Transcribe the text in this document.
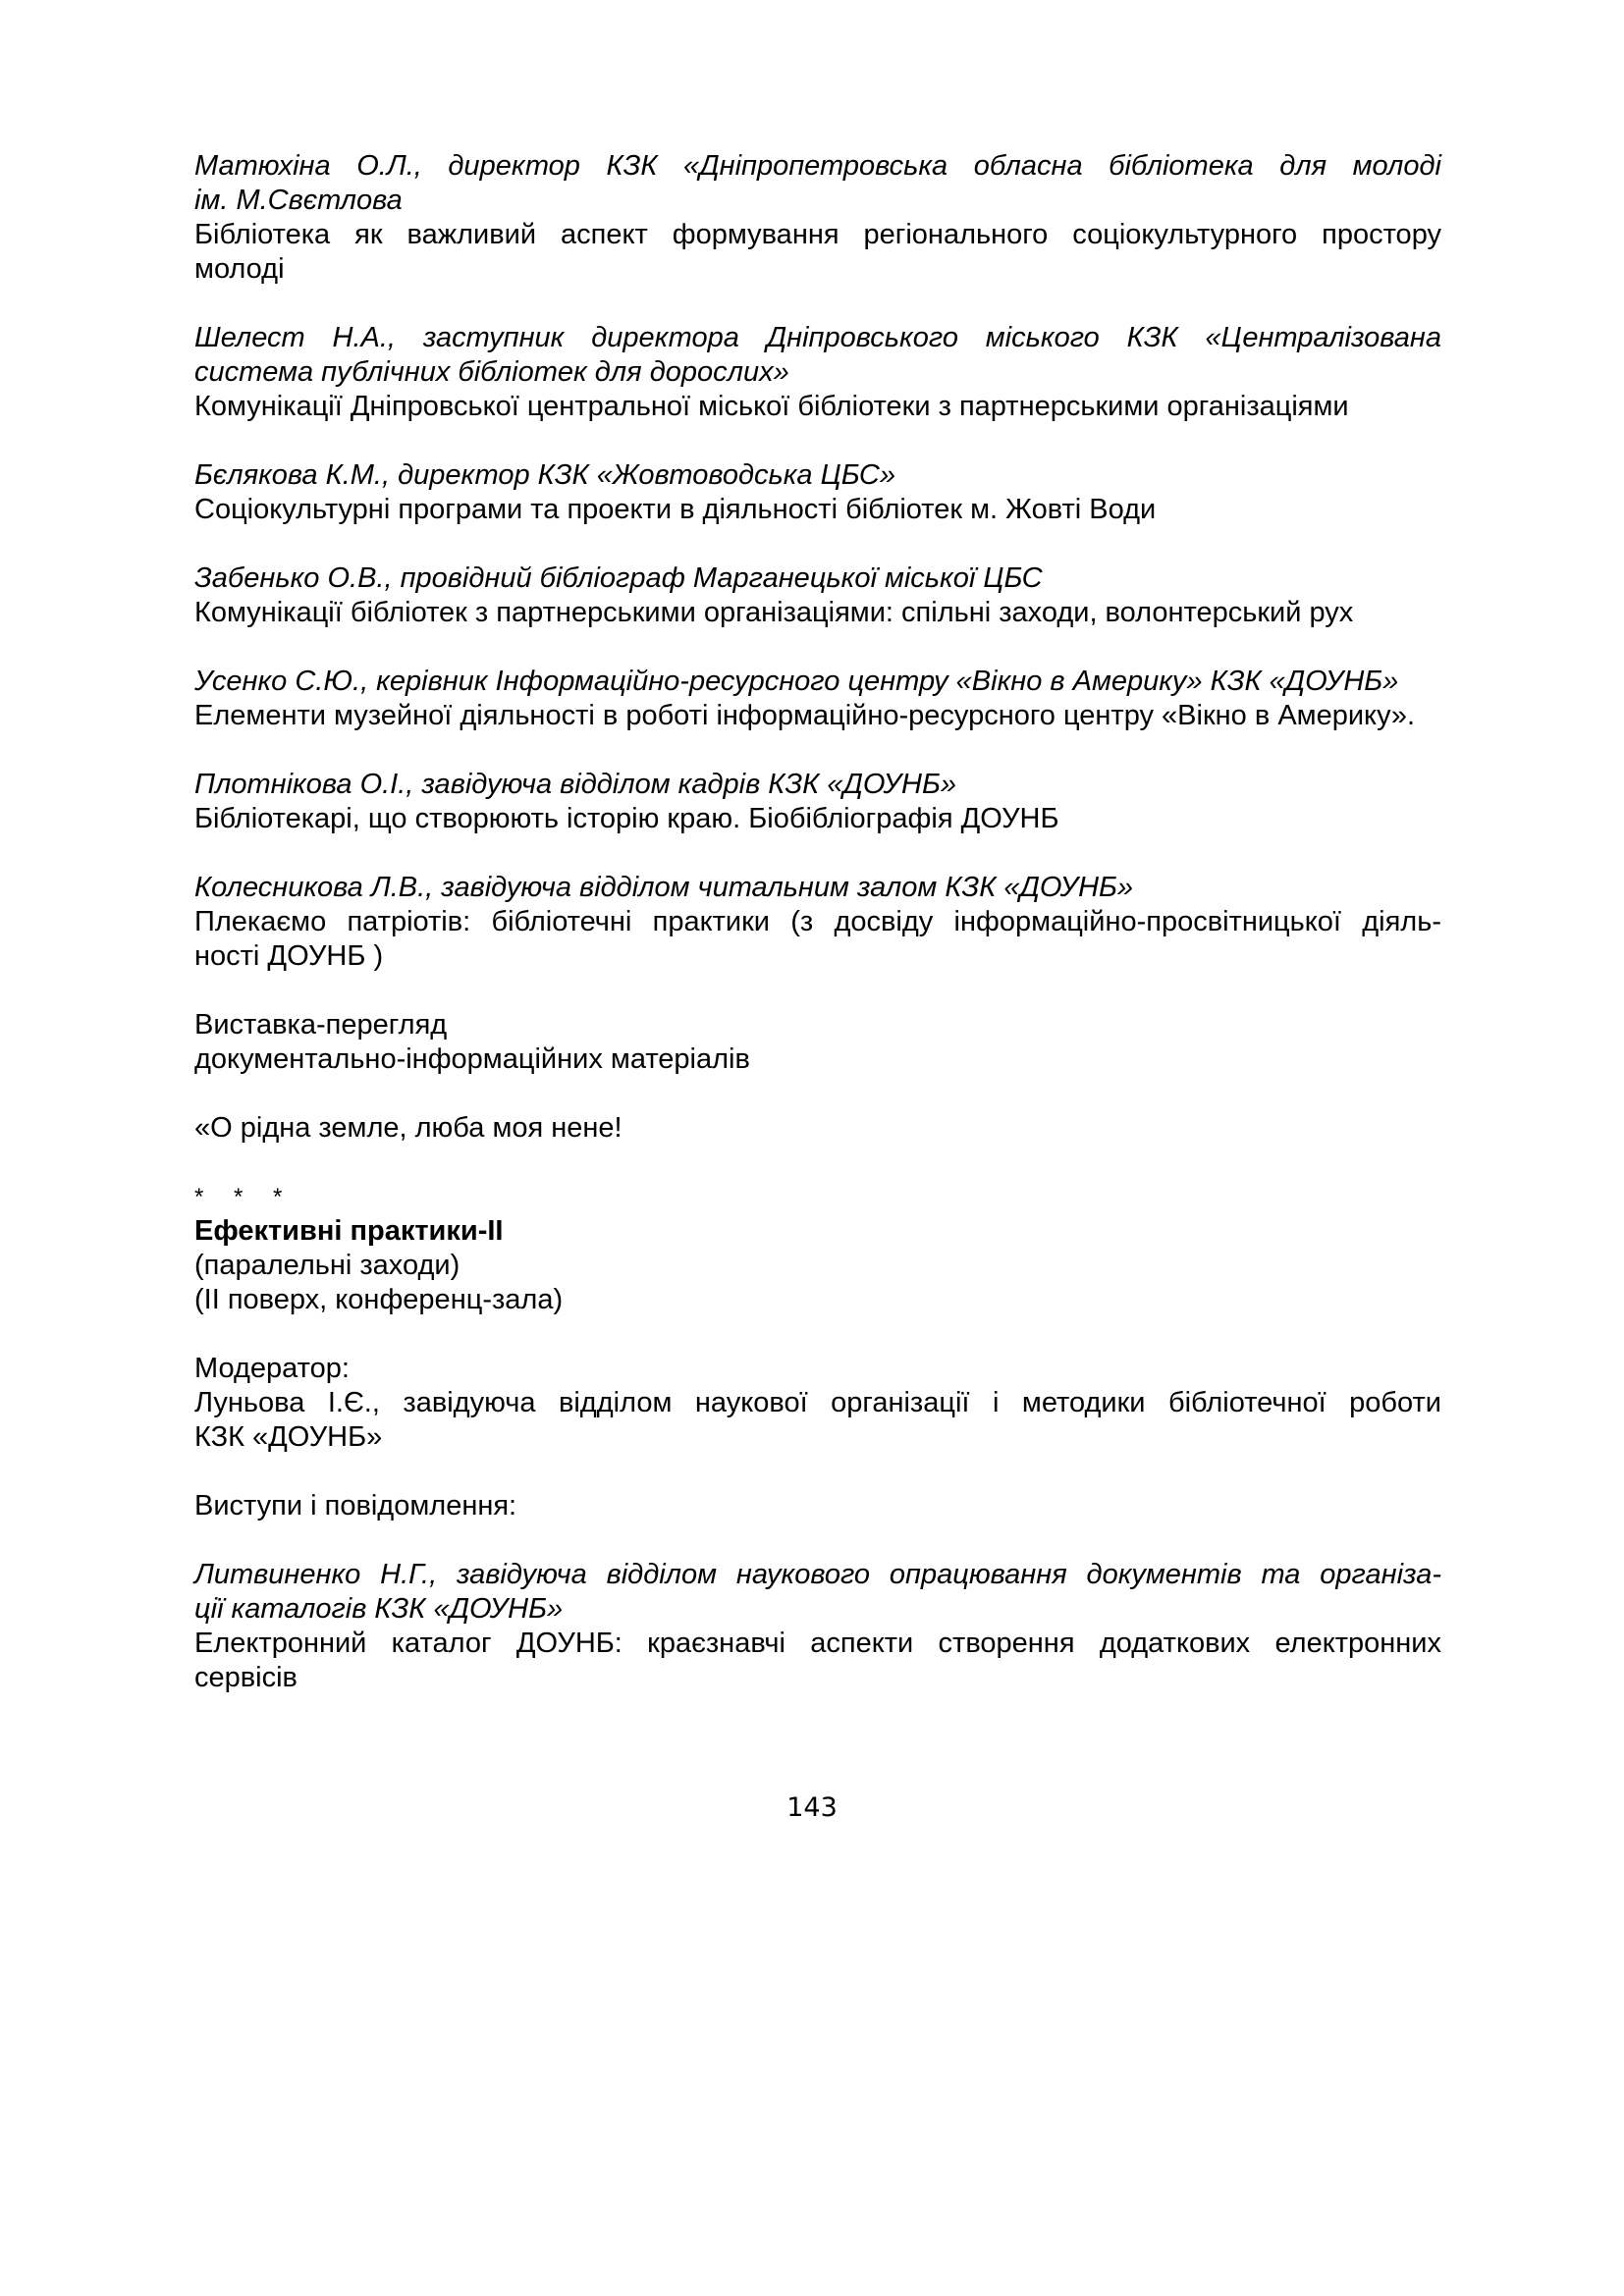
Матюхіна О.Л., директор КЗК «Дніпропетровська обласна бібліотека для молоді
ім. М.Свєтлова
Бібліотека як важливий аспект формування регіонального соціокультурного простору
молоді
Шелест Н.А., заступник директора Дніпровського міського КЗК «Централізована
система публічних бібліотек для дорослих»
Комунікації Дніпровської центральної міської бібліотеки з партнерськими організаціями
Бєлякова К.М., директор КЗК «Жовтоводська ЦБС»
Соціокультурні програми та проекти в діяльності бібліотек м. Жовті Води
Забенько О.В., провідний бібліограф Марганецької міської ЦБС
Комунікації бібліотек з партнерськими організаціями: спільні заходи, волонтерський рух
Усенко С.Ю., керівник Інформаційно-ресурсного центру «Вікно в Америку» КЗК «ДОУНБ»
Елементи музейної діяльності в роботі інформаційно-ресурсного центру «Вікно в Америку».
Плотнікова О.І., завідуюча відділом кадрів КЗК «ДОУНБ»
Бібліотекарі, що створюють історію краю. Біобібліографія ДОУНБ
Колесникова Л.В., завідуюча відділом читальним залом КЗК «ДОУНБ»
Плекаємо патріотів: бібліотечні практики (з досвіду інформаційно-просвітницької діяль-
ності ДОУНБ )
Виставка-перегляд
документально-інформаційних матеріалів
«О рідна земле, люба моя нене!
* * *
Ефективні практики-II
(паралельні заходи)
(II поверх, конференц-зала)
Модератор:
Луньова І.Є., завідуюча відділом наукової організації і методики бібліотечної роботи
КЗК «ДОУНБ»
Виступи і повідомлення:
Литвиненко Н.Г., завідуюча відділом наукового опрацювання документів та організа-
ції каталогів КЗК «ДОУНБ»
Електронний каталог ДОУНБ: краєзнавчі аспекти створення додаткових електронних
сервісів
143
